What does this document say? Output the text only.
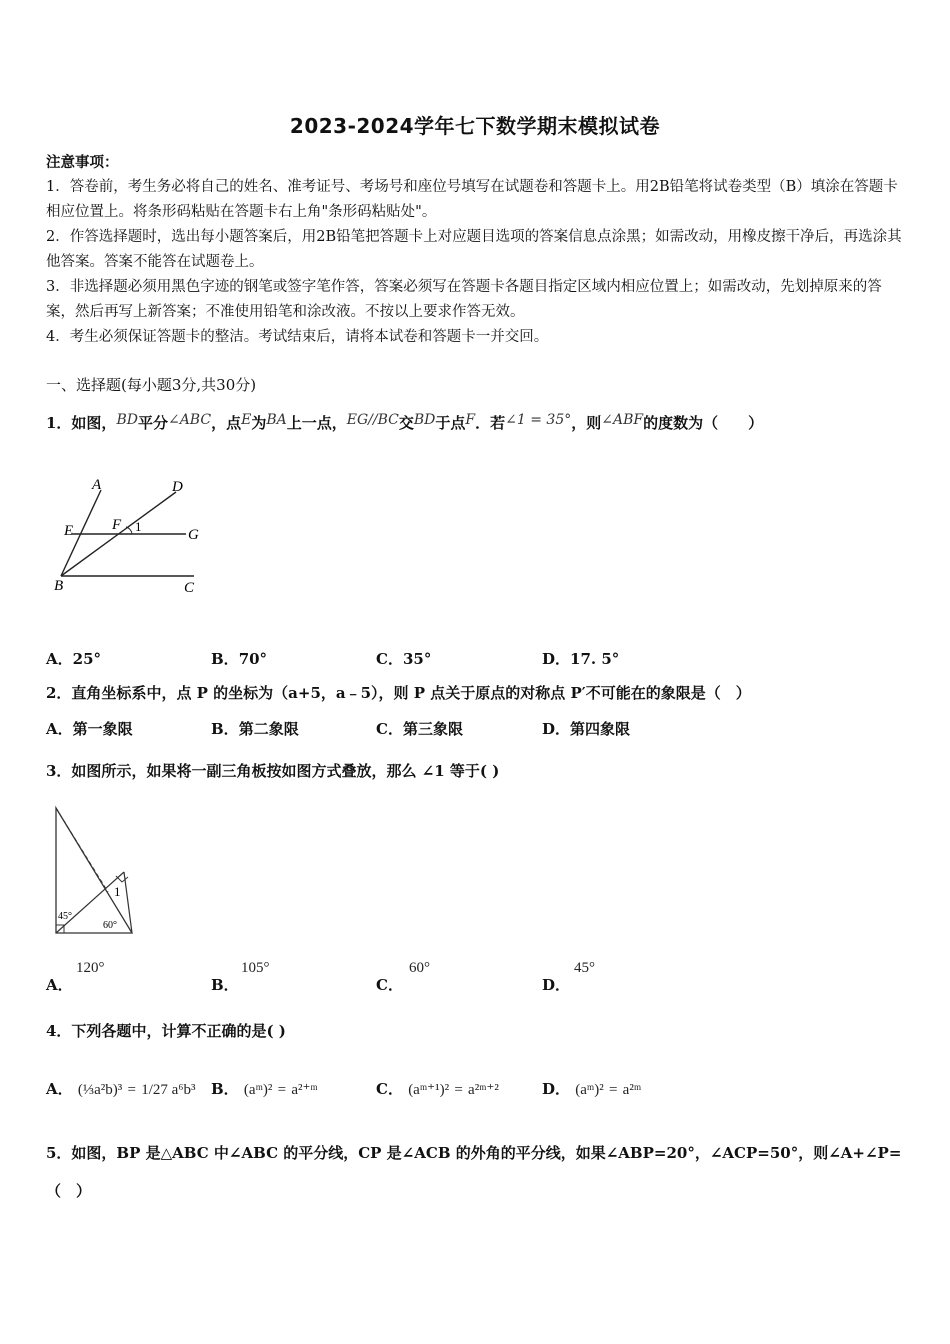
2023-2024学年七下数学期末模拟试卷

注意事项：

1．答卷前，考生务必将自己的姓名、准考证号、考场号和座位号填写在试题卷和答题卡上。用2B铅笔将试卷类型（B）填涂在答题卡相应位置上。将条形码粘贴在答题卡右上角"条形码粘贴处"。

2．作答选择题时，选出每小题答案后，用2B铅笔把答题卡上对应题目选项的答案信息点涂黑；如需改动，用橡皮擦干净后，再选涂其他答案。答案不能答在试题卷上。

3．非选择题必须用黑色字迹的钢笔或签字笔作答，答案必须写在答题卡各题目指定区域内相应位置上；如需改动，先划掉原来的答案，然后再写上新答案；不准使用铅笔和涂改液。不按以上要求作答无效。

4．考生必须保证答题卡的整洁。考试结束后，请将本试卷和答题卡一并交回。

一、选择题(每小题3分,共30分)
1．如图，BD平分∠ABC，点E为BA上一点，EG//BC交BD于点F．若∠1 = 35°，则∠ABF的度数为（　　）
A	D
E	F 1
G
B	C
A．25°	B．70°	C．35°	D．17. 5°
2．直角坐标系中，点 P 的坐标为（a+5，a﹣5），则 P 点关于原点的对称点 P′不可能在的象限是（　）
A．第一象限	B．第二象限	C．第三象限	D．第四象限
3．如图所示，如果将一副三角板按如图方式叠放，那么 ∠1 等于( )
1
45°
60°
A．
120°
B．
105°
C．
60°
D．
45°
4．下列各题中，计算不正确的是( )
A． (⅓a²b)³ = 1/27 a⁶b³ B． (aᵐ)² = a²⁺ᵐ	C． (aᵐ⁺¹)² = a²ᵐ⁺²	D． (aᵐ)² = a²ᵐ
5．如图，BP 是△ABC 中∠ABC 的平分线，CP 是∠ACB 的外角的平分线，如果∠ABP=20°，∠ACP=50°，则∠A+∠P=（　）
